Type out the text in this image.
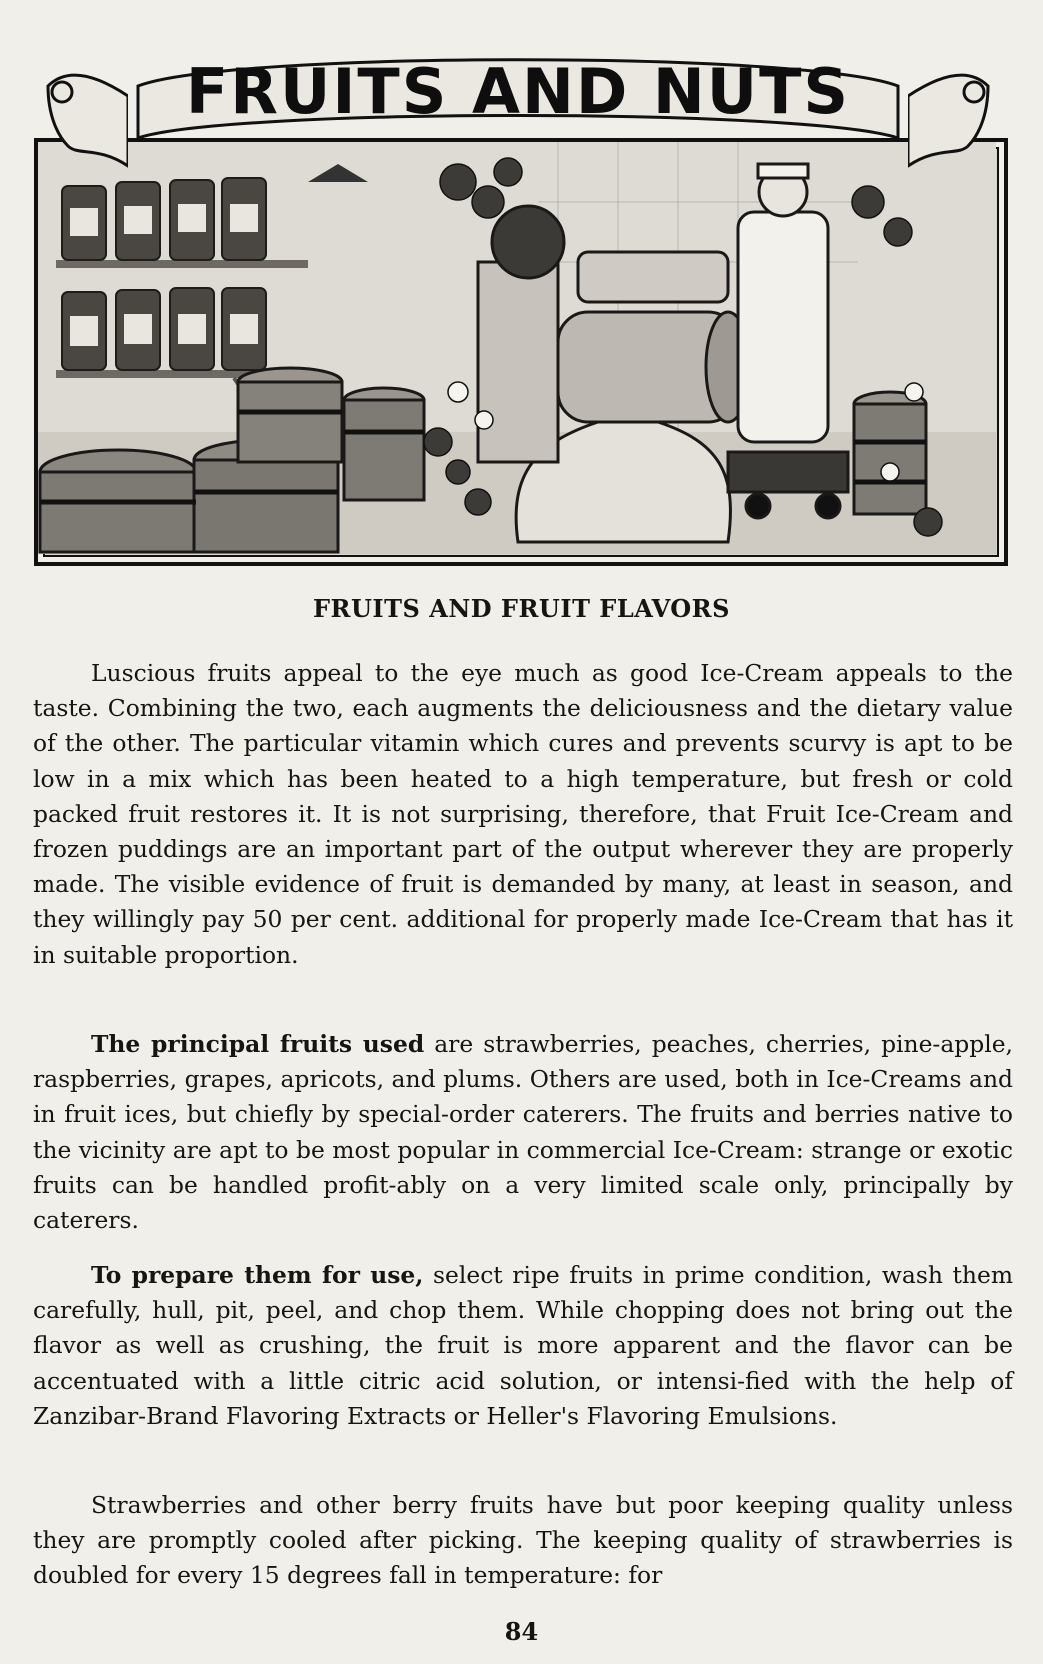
FRUITS AND NUTS
FRUITS AND FRUIT FLAVORS

Luscious fruits appeal to the eye much as good Ice-Cream appeals to the taste. Combining the two, each augments the deliciousness and the dietary value of the other. The particular vitamin which cures and prevents scurvy is apt to be low in a mix which has been heated to a high temperature, but fresh or cold packed fruit restores it. It is not surprising, therefore, that Fruit Ice-Cream and frozen puddings are an important part of the output wherever they are properly made. The visible evidence of fruit is demanded by many, at least in season, and they willingly pay 50 per cent. additional for properly made Ice-Cream that has it in suitable proportion.

The principal fruits used are strawberries, peaches, cherries, pine-apple, raspberries, grapes, apricots, and plums. Others are used, both in Ice-Creams and in fruit ices, but chiefly by special-order caterers. The fruits and berries native to the vicinity are apt to be most popular in commercial Ice-Cream: strange or exotic fruits can be handled profit-ably on a very limited scale only, principally by caterers.

To prepare them for use, select ripe fruits in prime condition, wash them carefully, hull, pit, peel, and chop them. While chopping does not bring out the flavor as well as crushing, the fruit is more apparent and the flavor can be accentuated with a little citric acid solution, or intensi-fied with the help of Zanzibar-Brand Flavoring Extracts or Heller's Flavoring Emulsions.

Strawberries and other berry fruits have but poor keeping quality unless they are promptly cooled after picking. The keeping quality of strawberries is doubled for every 15 degrees fall in temperature: for

84
